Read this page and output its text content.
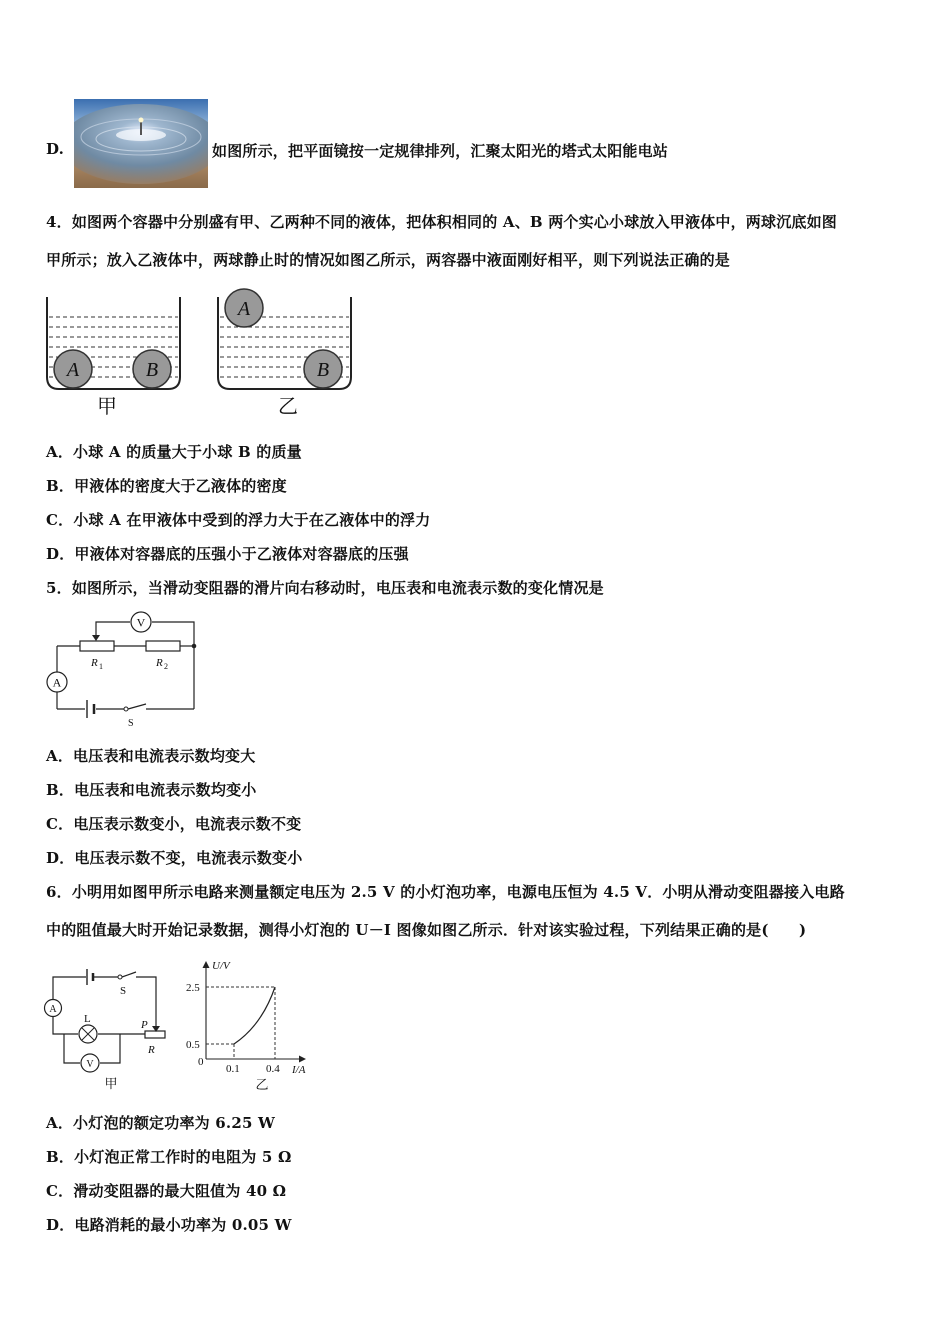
D.	如图所示，把平面镜按一定规律排列，汇聚太阳光的塔式太阳能电站
4．如图两个容器中分别盛有甲、乙两种不同的液体，把体积相同的 A、B 两个实心小球放入甲液体中，两球沉底如图
甲所示；放入乙液体中，两球静止时的情况如图乙所示，两容器中液面刚好相平，则下列说法正确的是
A	B
甲
A
B
乙
A．小球 A 的质量大于小球 B 的质量
B．甲液体的密度大于乙液体的密度
C．小球 A 在甲液体中受到的浮力大于在乙液体中的浮力
D．甲液体对容器底的压强小于乙液体对容器底的压强
5．如图所示，当滑动变阻器的滑片向右移动时，电压表和电流表示数的变化情况是
V
R 1	R 2
A
S
A．电压表和电流表示数均变大
B．电压表和电流表示数均变小
C．电压表示数变小，电流表示数不变
D．电压表示数不变，电流表示数变小
6．小明用如图甲所示电路来测量额定电压为 2.5 V 的小灯泡功率，电源电压恒为 4.5 V．小明从滑动变阻器接入电路
中的阻值最大时开始记录数据，测得小灯泡的 U－I 图像如图乙所示．针对该实验过程，下列结果正确的是(　　)
S
A
L
V
P
R
甲
U/V
I/A
0
2.5
0.5
0.1 0.4
乙
A．小灯泡的额定功率为 6.25 W
B．小灯泡正常工作时的电阻为 5 Ω
C．滑动变阻器的最大阻值为 40 Ω
D．电路消耗的最小功率为 0.05 W
